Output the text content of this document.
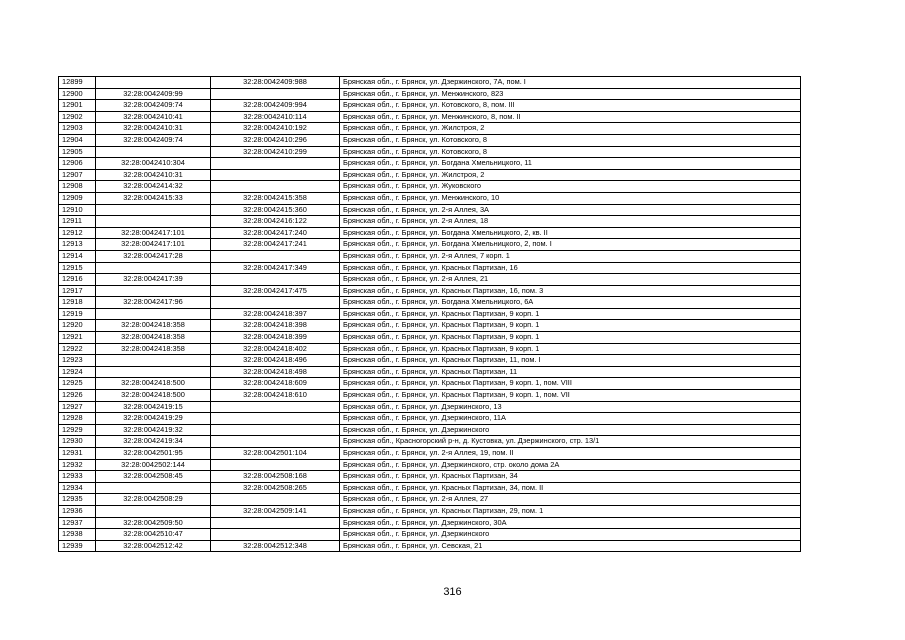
12899		32:28:0042409:988	Брянская обл., г. Брянск, ул. Дзержинского, 7А, пом. I
12900	32:28:0042409:99		Брянская обл., г. Брянск, ул. Менжинского, 823
12901	32:28:0042409:74	32:28:0042409:994	Брянская обл., г. Брянск, ул. Котовского, 8, пом. III
12902	32:28:0042410:41	32:28:0042410:114	Брянская обл., г. Брянск, ул. Менжинского, 8, пом. II
12903	32:28:0042410:31	32:28:0042410:192	Брянская обл., г. Брянск, ул. Жилстроя, 2
12904	32:28:0042409:74	32:28:0042410:296	Брянская обл., г. Брянск, ул. Котовского, 8
12905		32:28:0042410:299	Брянская обл., г. Брянск, ул. Котовского, 8
12906	32:28:0042410:304		Брянская обл., г. Брянск, ул. Богдана Хмельницкого, 11
12907	32:28:0042410:31		Брянская обл., г. Брянск, ул. Жилстроя, 2
12908	32:28:0042414:32		Брянская обл., г. Брянск, ул. Жуковского
12909	32:28:0042415:33	32:28:0042415:358	Брянская обл., г. Брянск, ул. Менжинского, 10
12910		32:28:0042415:360	Брянская обл., г. Брянск, ул. 2-я Аллея, 3А
12911		32:28:0042416:122	Брянская обл., г. Брянск, ул. 2-я Аллея, 18
12912	32:28:0042417:101	32:28:0042417:240	Брянская обл., г. Брянск, ул. Богдана Хмельницкого, 2, кв. II
12913	32:28:0042417:101	32:28:0042417:241	Брянская обл., г. Брянск, ул. Богдана Хмельницкого, 2, пом. I
12914	32:28:0042417:28		Брянская обл., г. Брянск, ул. 2-я Аллея, 7 корп. 1
12915		32:28:0042417:349	Брянская обл., г. Брянск, ул. Красных Партизан, 16
12916	32:28:0042417:39		Брянская обл., г. Брянск, ул. 2-я Аллея, 21
12917		32:28:0042417:475	Брянская обл., г. Брянск, ул. Красных Партизан, 16, пом. 3
12918	32:28:0042417:96		Брянская обл., г. Брянск, ул. Богдана Хмельницкого, 6А
12919		32:28:0042418:397	Брянская обл., г. Брянск, ул. Красных Партизан, 9 корп. 1
12920	32:28:0042418:358	32:28:0042418:398	Брянская обл., г. Брянск, ул. Красных Партизан, 9 корп. 1
12921	32:28:0042418:358	32:28:0042418:399	Брянская обл., г. Брянск, ул. Красных Партизан, 9 корп. 1
12922	32:28:0042418:358	32:28:0042418:402	Брянская обл., г. Брянск, ул. Красных Партизан, 9 корп. 1
12923		32:28:0042418:496	Брянская обл., г. Брянск, ул. Красных Партизан, 11, пом. I
12924		32:28:0042418:498	Брянская обл., г. Брянск, ул. Красных Партизан, 11
12925	32:28:0042418:500	32:28:0042418:609	Брянская обл., г. Брянск, ул. Красных Партизан, 9 корп. 1, пом. VIII
12926	32:28:0042418:500	32:28:0042418:610	Брянская обл., г. Брянск, ул. Красных Партизан, 9 корп. 1, пом. VII
12927	32:28:0042419:15		Брянская обл., г. Брянск, ул. Дзержинского, 13
12928	32:28:0042419:29		Брянская обл., г. Брянск, ул. Дзержинского, 11А
12929	32:28:0042419:32		Брянская обл., г. Брянск, ул. Дзержинского
12930	32:28:0042419:34		Брянская обл., Красногорский р-н, д. Кустовка, ул. Дзержинского, стр. 13/1
12931	32:28:0042501:95	32:28:0042501:104	Брянская обл., г. Брянск, ул. 2-я Аллея, 19, пом. II
12932	32:28:0042502:144		Брянская обл., г. Брянск, ул. Дзержинского, стр. около дома 2А
12933	32:28:0042508:45	32:28:0042508:168	Брянская обл., г. Брянск, ул. Красных Партизан, 34
12934		32:28:0042508:265	Брянская обл., г. Брянск, ул. Красных Партизан, 34, пом. II
12935	32:28:0042508:29		Брянская обл., г. Брянск, ул. 2-я Аллея, 27
12936		32:28:0042509:141	Брянская обл., г. Брянск, ул. Красных Партизан, 29, пом. 1
12937	32:28:0042509:50		Брянская обл., г. Брянск, ул. Дзержинского, 30А
12938	32:28:0042510:47		Брянская обл., г. Брянск, ул. Дзержинского
12939	32:28:0042512:42	32:28:0042512:348	Брянская обл., г. Брянск, ул. Севская, 21
316
